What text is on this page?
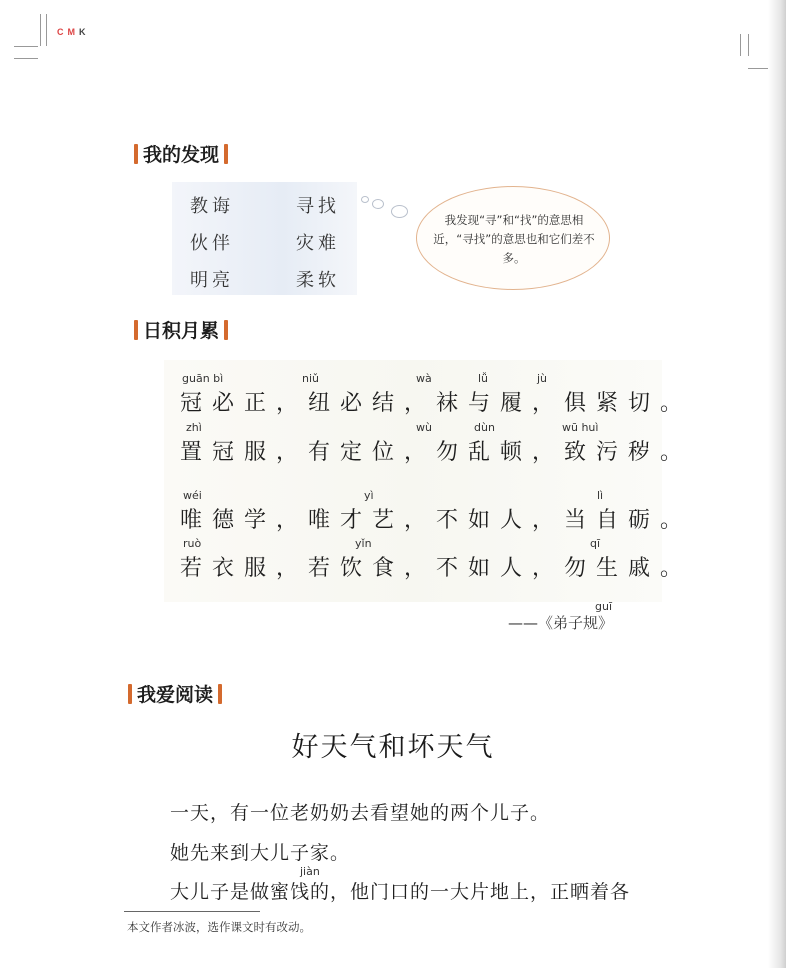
CMK
我的发现
教诲	寻找
伙伴	灾难
明亮	柔软
我发现“寻”和“找”的意思相近，“寻找”的意思也和它们差不多。
日积月累
guān bì	niǔ	wà	lǚ	jù
冠必正，纽必结，袜与履，俱紧切。
zhì	wù	dùn	wū huì
置冠服，有定位，勿乱顿，致污秽。
wéi	yì	lì
唯德学，唯才艺，不如人，当自砺。
ruò	yǐn	qī
若衣服，若饮食，不如人，勿生戚。
guī
——《弟子规》
我爱阅读
好天气和坏天气
一天，有一位老奶奶去看望她的两个儿子。
她先来到大儿子家。
jiàn
大儿子是做蜜饯的，他门口的一大片地上，正晒着各
本文作者冰波，选作课文时有改动。
